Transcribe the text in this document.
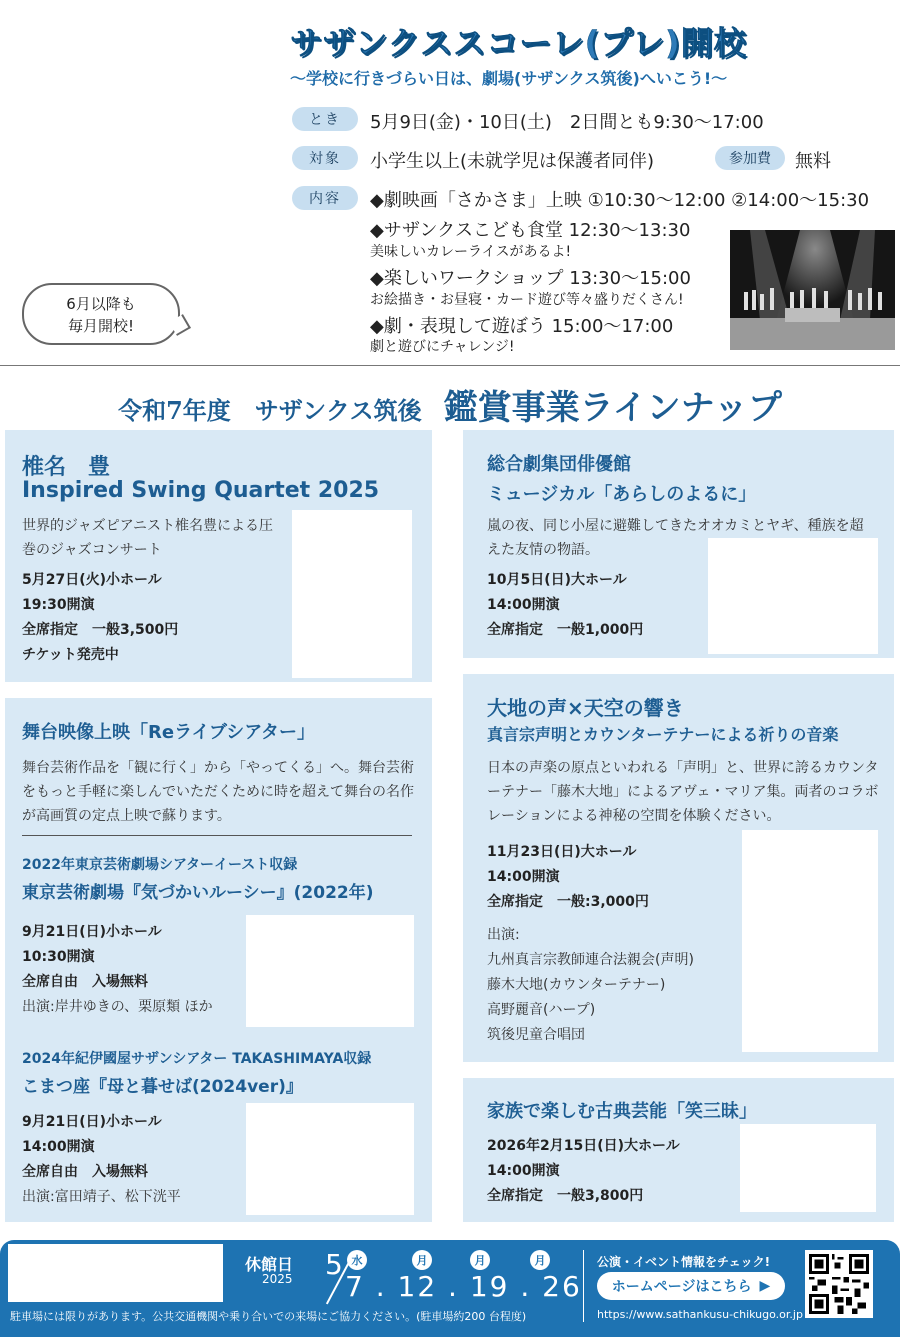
サザンクススコーレ(プレ)開校
〜学校に行きづらい日は、劇場(サザンクス筑後)へいこう!〜
とき	5月9日(金)・10日(土)　2日間とも9:30〜17:00
対象	小学生以上(未就学児は保護者同伴)	参加費	無料
内容	◆劇映画「さかさま」上映 ①10:30〜12:00 ②14:00〜15:30
◆サザンクスこども食堂 12:30〜13:30
美味しいカレーライスがあるよ!
◆楽しいワークショップ 13:30〜15:00
お絵描き・お昼寝・カード遊び等々盛りだくさん!
◆劇・表現して遊ぼう 15:00〜17:00
劇と遊びにチャレンジ!
6月以降も
毎月開校!
令和7年度　サザンクス筑後 鑑賞事業ラインナップ
椎名　豊
Inspired Swing Quartet 2025
世界的ジャズピアニスト椎名豊による圧巻のジャズコンサート
5月27日(火)小ホール
19:30開演
全席指定　一般3,500円
チケット発売中
総合劇集団俳優館
ミュージカル「あらしのよるに」
嵐の夜、同じ小屋に避難してきたオオカミとヤギ、種族を超えた友情の物語。
10月5日(日)大ホール
14:00開演
全席指定　一般1,000円
舞台映像上映「Reライブシアター」
舞台芸術作品を「観に行く」から「やってくる」へ。舞台芸術をもっと手軽に楽しんでいただくために時を超えて舞台の名作が高画質の定点上映で蘇ります。
2022年東京芸術劇場シアターイースト収録
東京芸術劇場『気づかいルーシー』(2022年)
9月21日(日)小ホール
10:30開演
全席自由　入場無料
出演:岸井ゆきの、栗原類 ほか
2024年紀伊國屋サザンシアター TAKASHIMAYA収録
こまつ座『母と暮せば(2024ver)』
9月21日(日)小ホール
14:00開演
全席自由　入場無料
出演:富田靖子、松下洸平
大地の声×天空の響き
真言宗声明とカウンターテナーによる祈りの音楽
日本の声楽の原点といわれる「声明」と、世界に誇るカウンターテナー「藤木大地」によるアヴェ・マリア集。両者のコラボレーションによる神秘の空間を体験ください。
11月23日(日)大ホール
14:00開演
全席指定　一般:3,000円
出演:
九州真言宗教師連合法親会(声明)
藤木大地(カウンターテナー)
高野麗音(ハープ)
筑後児童合唱団
家族で楽しむ古典芸能「笑三昧」
2026年2月15日(日)大ホール
14:00開演
全席指定　一般3,800円
休館日
2025 5 水	月	月	月
7 . 12 . 19 . 26
公演・イベント情報をチェック!
ホームページはこちら ▶
https://www.sathankusu-chikugo.or.jp
駐車場には限りがあります。公共交通機関や乗り合いでの来場にご協力ください。(駐車場約200 台程度)
